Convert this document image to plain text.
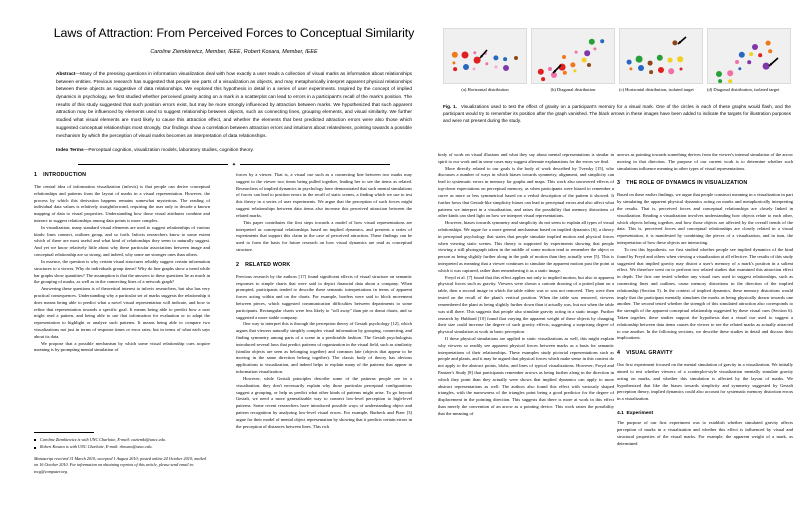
Laws of Attraction: From Perceived Forces to Conceptual Similarity
Caroline Ziemkiewicz, Member, IEEE, Robert Kosara, Member, IEEE

Abstract—Many of the pressing questions in information visualization deal with how exactly a user reads a collection of visual marks as information about relationships between entities. Previous research has suggested that people see parts of a visualization as objects, and may metaphorically interpret apparent physical relationships between these objects as suggestive of data relationships. We explored this hypothesis in detail in a series of user experiments. Inspired by the concept of implied dynamics in psychology, we first studied whether perceived gravity acting on a mark in a scatterplot can lead to errors in a participant's recall of the mark's position. The results of this study suggested that such position errors exist, but may be more strongly influenced by attraction between marks. We hypothesized that such apparent attraction may be influenced by elements used to suggest relationship between objects, such as connecting lines, grouping elements, and visual similarity. We further studied what visual elements are most likely to cause this attraction effect, and whether the elements that best predicted attraction errors were also those which suggested conceptual relationships most strongly. Our findings show a correlation between attraction errors and intuitions about relatedness, pointing towards a possible mechanism by which the perception of visual marks becomes an interpretation of data relationships.

Index Terms—Perceptual cognition, visualization models, laboratory studies, cognition theory.

✦
(a) Horizontal distribution	(b) Diagonal distribution	(c) Horizontal distribution, isolated target	(d) Diagonal distribution, isolated target
Fig. 1. Visualizations used to test the effect of gravity on a participant's memory for a visual mark. One of the circles in each of these graphs would flash, and the participant would try to remember its position after the graph vanished. The black arrows in these images have been added to indicate the targets for illustration purposes and were not present during the study.
1 INTRODUCTION

The central idea of information visualization (infovis) is that people can derive conceptual relationships and patterns from the layout of marks in a visual representation. However, the process by which this derivation happens remains somewhat mysterious. The reading of individual data values is relatively straightforward, requiring the user only to decode a known mapping of data to visual properties. Understanding how those visual attributes combine and interact to suggest relationships among data points is more complex.

In visualization, many standard visual elements are used to suggest relationships of various kinds: lines connect, outlines group, and so forth. Infovis researchers know to some extent which of these are most useful and what kind of relationships they seem to naturally suggest. And yet we know relatively little about why these particular associations between image and conceptual relationship are so strong, and indeed, why some are stronger ones than others.

In essence, the question is why certain visual structures reliably suggest certain information structures to a viewer. Why do individuals group items? Why do line graphs show a trend while bar graphs show quantities? The assumption is that the answers to these questions lie as much in the grouping of marks, as well as in the connecting lines of a network graph?

Answering these questions is of theoretical interest to infovis researchers, but also has very practical consequences. Understanding why a particular set of marks suggests the relationship it does means being able to predict what a novel visual representation will indicate, and how to refine that representation towards a specific goal. It means being able to predict how a user might read a pattern, and being able to use that information for evaluation or to adapt the representation to highlight or analyze such patterns. It means being able to compare two visualizations not just in terms of response times or error rates, but in terms of what each says about its data.

We propose that a possible mechanism by which some visual relationship cues acquire meaning is by prompting mental simulation of

Caroline Ziemkiewicz is with UNC Charlotte, E-mail: caziemki@uncc.edu.

Robert Kosara is with UNC Charlotte, E-mail: rkosara@uncc.edu.

Manuscript received 31 March 2010; accepted 1 August 2010; posted online 24 October 2010; mailed on 16 October 2010. For information on obtaining reprints of this article, please send email to: tvcg@computer.org.

forces by a viewer. That is, a visual cue such as a connecting line between two marks may suggest to the viewer two items being pulled together, leading her to see the items as related. Researchers of implied dynamics in psychology have demonstrated that such mental simulations of forces can lead to position errors in the recall of static scenes, a finding which we use to test this theory in a series of user experiments. We argue that the perception of such forces might suggest relationships between data items also increase this perceived attraction between the related marks.

This paper contributes the first steps towards a model of how visual representations are interpreted as conceptual relationships based on implied dynamics, and presents a series of experiments that support this claim in the case of perceived attraction. These findings can be used to form the basis for future research on how visual dynamics are read as conceptual structure.

2 RELATED WORK

Previous research by the authors [17] found significant effects of visual structure on semantic responses to simple charts that were said to depict financial data about a company. When prompted, participants tended to describe these semantic interpretations in terms of apparent forces acting within and on the charts. For example, borders were said to block movement between pieces, which suggested communication difficulties between departments to some participants. Rectangular charts were less likely to "roll away" than pie or donut charts, and so suggested a more stable company.

One way to interpret this is through the perception theory of Gestalt psychology [12], which argues that viewers naturally simplify complex visual information by grouping, connecting, and finding symmetry among parts of a scene in a predictable fashion. The Gestalt psychologists introduced several laws that predict patterns of organization in the visual field, such as similarity (similar objects are seen as belonging together) and common fate (objects that appear to be moving in the same direction belong together). The classic body of theory has obvious applications to visualization, and indeed helps to explain many of the patterns that appear in information visualization.

However, while Gestalt principles describe some of the patterns people see in a visualization, they don't necessarily explain why those particular perceptual configurations suggest a grouping, or help us predict what other kinds of patterns might arise. To go beyond Gestalt, we need a more generalizable way to connect low-level perception to high-level patterns. Some recent researchers have introduced possible ways of understanding object and pattern recognition by analyzing low-level visual errors. For example, Burbeck and Pizer [3] argue for their model of mental object representation by showing that it predicts certain errors in the perception of distances between lines. This rich

body of work on visual illusions and what they say about mental representations is similar in spirit to our work and in some cases may suggest alternate explanations for the errors we find.

More directly related to our goals is the body of work described by Tversky [15], who discusses a number of ways in which biases towards symmetry, alignment, and simplicity can lead to systematic errors in memory for graphs and maps. This work also uncovered effects of top-down expectations on perceptual memory, as when participants were biased to remember a curve as more or less symmetrical based on a verbal description of the pattern it showed. It further hows that Gestalt-like simplicity biases can lead to perceptual errors and also affect what patterns we interpret in a visualization, and raises the possibility that memory distortions of other kinds can shed light on how we interpret visual representations.

However, biases towards symmetry and simplicity do not seem to explain all types of visual relationships. We argue for a more general mechanism based on implied dynamics [6], a theory in perceptual psychology that states that people simulate implied motion and physical forces when viewing static scenes. This theory is supported by experiments showing that people viewing a still photograph taken in the middle of some motion tend to remember the object or person as being slightly further along in the path of motion than they actually were [5]. This is interpreted as meaning that a viewer continues to simulate the apparent motion past the point at which it was captured, rather than remembering it as a static image.

Freyd et al. [7] found that this effect applies not only to implied motion, but also to apparent physical forces such as gravity. Viewers were shown a cartoon drawing of a potted plant on a table, then a second image in which the table either was or was not removed. They were then tested on the recall of the plant's vertical position. When the table was removed, viewers remembered the plant as being slightly further down than it actually was, but not when the table was still there. This suggests that people also simulate gravity acting in a static image. Further research by Hubbard [10] found that varying the apparent weight of these objects by changing their size could increase the degree of such gravity effects, suggesting a surprising degree of physical simulation at work in basic perception.

If these physical simulations are applied to static visualizations as well, this might explain why viewers so readily see apparent physical forces between marks as a basis for semantic interpretations of their relationships. These examples study pictorial representations such as people and plants, and it may be argued that physical forces which make sense in this context do not apply to the abstract points, blobs, and lines of typical visualizations. However, Freyd and Pantzer's Study [8] that participants remember arrows as being further along in the direction in which they point than they actually were shows that implied dynamics can apply to more abstract representations as well. The authors also found this effect with variously shaped triangles, with the narrowness of the triangles point being a good predictor for the degree of displacement in the pointing direction. This suggests that there is more at work in this effect than merely the convention of an arrow as a pointing device. This work raises the possibility that the meaning of

arrows as pointing towards something derives from the viewer's internal simulation of the arrow moving in that direction. The purpose of our current work is to determine whether such simulations influence meaning in other types of visual representations.

3 THE ROLE OF DYNAMICS IN VISUALIZATION

Based on these earlier findings, we argue that people construct meaning in a visualization in part by simulating the apparent physical dynamics acting on marks and metaphorically interpreting the results. That is, perceived forces and conceptual relationships are closely linked in visualization. Reading a visualization involves understanding how objects relate to each other, which objects belong together, and how those objects are affected by the overall trends of the data. This is, perceived forces and conceptual relationships are closely related in a visual representation, it is manifested by combining the pieces of a visualization, and in turn, the interpretation of how these objects are interacting.

To test this hypothesis, we first studied whether people see implied dynamics of the kind found by Freyd and others when viewing a visualization at all effective. The results of this study suggested that implied gravity may distort a user's memory of a mark's position in a salient effect. We therefore went on to perform two related studies that examined this attraction effect in depth. The first one tested whether any visual cues used to suggest relationships, such as connecting lines and outlines, cause memory distortions in the direction of the implied relationship (Section 5). In the context of implied dynamics, these memory distortions would imply that the participant mentally simulates the marks as being physically drawn towards one another. The second tested whether the strength of this simulated attraction also corresponds to the strength of the apparent conceptual relationship suggested by these visual cues (Section 6). Taken together, these studies support the hypothesis that a visual cue used to suggest a relationship between data items causes the viewer to see the related marks as actually attracted to one another. In the following sections, we describe these studies in detail and discuss their implications.

4 VISUAL GRAVITY

Our first experiment focused on the mental simulation of gravity in a visualization. We initially aimed to test whether viewers of a scatterplot-style visualization mentally simulate gravity acting on marks, and whether this simulation is affected by the layout of marks. We hypothesized that like the biases towards simplicity and symmetry suggested by Gestalt perception theory, implied dynamics could also account for systematic memory distortion errors in a visualization.

4.1 Experiment

The purpose of our first experiment was to establish whether simulated gravity affects perception of marks in a visualization and whether this effect is influenced by visual and structural properties of the visual marks. For example, the apparent weight of a mark, as determined
